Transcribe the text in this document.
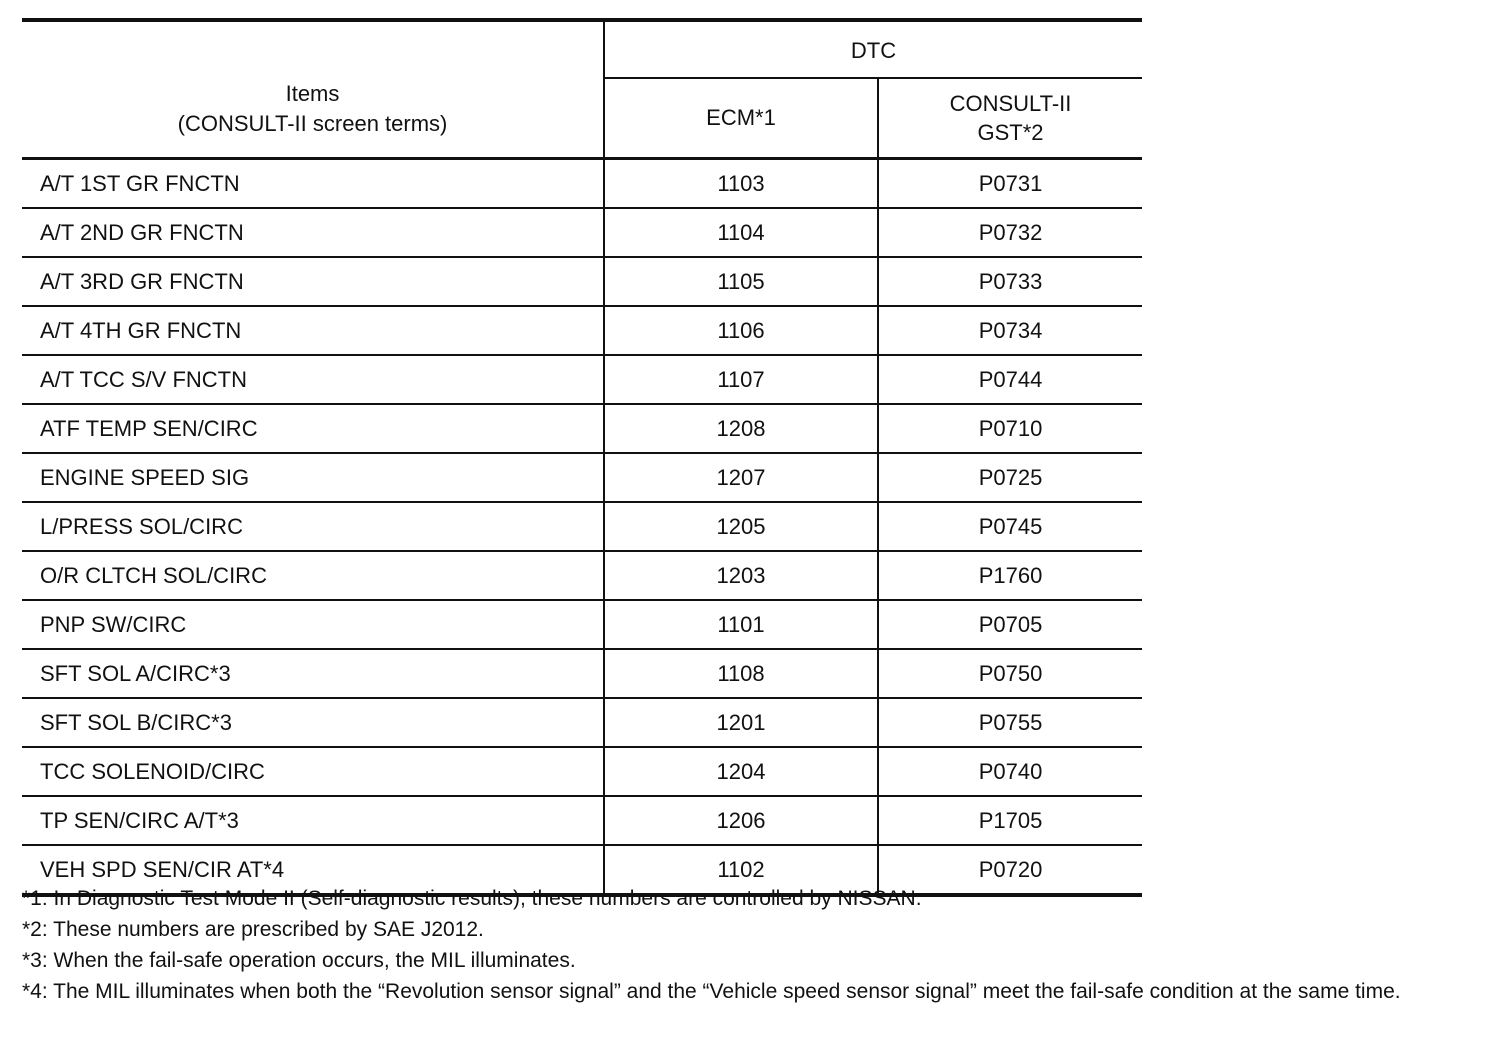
Items
(CONSULT-II screen terms)	DTC	
	ECM*1	CONSULT-II
GST*2

A/T 1ST GR FNCTN	1103	P0731
A/T 2ND GR FNCTN	1104	P0732
A/T 3RD GR FNCTN	1105	P0733
A/T 4TH GR FNCTN	1106	P0734
A/T TCC S/V FNCTN	1107	P0744
ATF TEMP SEN/CIRC	1208	P0710
ENGINE SPEED SIG	1207	P0725
L/PRESS SOL/CIRC	1205	P0745
O/R CLTCH SOL/CIRC	1203	P1760
PNP SW/CIRC	1101	P0705
SFT SOL A/CIRC*3	1108	P0750
SFT SOL B/CIRC*3	1201	P0755
TCC SOLENOID/CIRC	1204	P0740
TP SEN/CIRC A/T*3	1206	P1705
VEH SPD SEN/CIR AT*4	1102	P0720

*1: In Diagnostic Test Mode II (Self-diagnostic results), these numbers are controlled by NISSAN.

*2: These numbers are prescribed by SAE J2012.

*3: When the fail-safe operation occurs, the MIL illuminates.

*4: The MIL illuminates when both the “Revolution sensor signal” and the “Vehicle speed sensor signal” meet the fail-safe condition at the same time.
